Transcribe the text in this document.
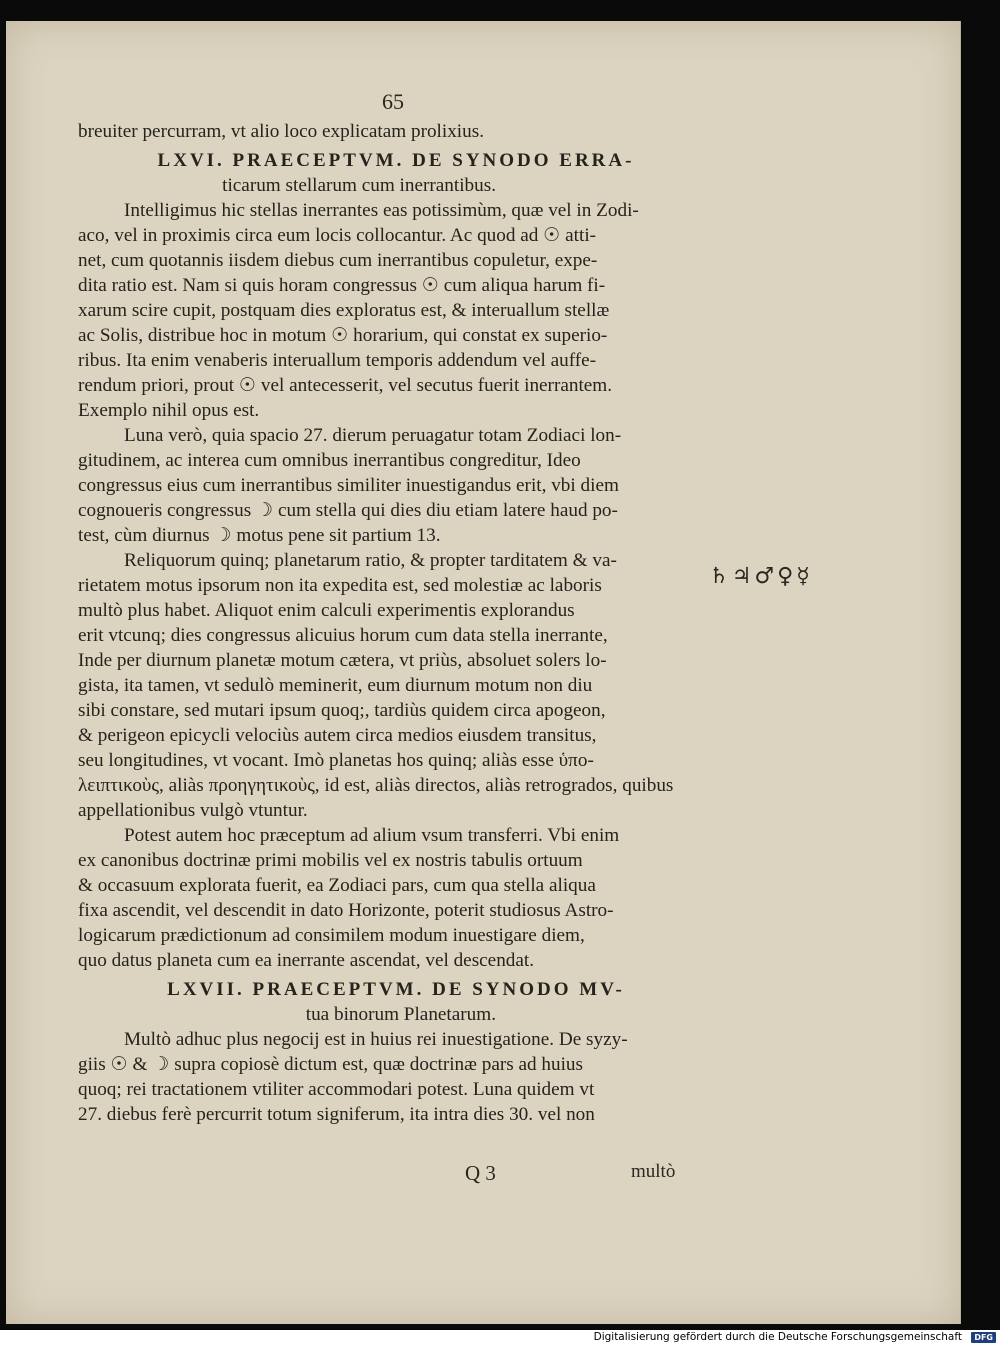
65
breuiter percurram, vt alio loco explicatam prolixius.
LXVI. PRAECEPTVM. DE SYNODO ERRA-
ticarum stellarum cum inerrantibus.
Intelligimus hic stellas inerrantes eas potissimùm, quæ vel in Zodi-
aco, vel in proximis circa eum locis collocantur. Ac quod ad ☉ atti-
net, cum quotannis iisdem diebus cum inerrantibus copuletur, expe-
dita ratio est. Nam si quis horam congressus ☉ cum aliqua harum fi-
xarum scire cupit, postquam dies exploratus est, & interuallum stellæ
ac Solis, distribue hoc in motum ☉ horarium, qui constat ex superio-
ribus. Ita enim venaberis interuallum temporis addendum vel auffe-
rendum priori, prout ☉ vel antecesserit, vel secutus fuerit inerrantem.
Exemplo nihil opus est.
Luna verò, quia spacio 27. dierum peruagatur totam Zodiaci lon-
gitudinem, ac interea cum omnibus inerrantibus congreditur, Ideo
congressus eius cum inerrantibus similiter inuestigandus erit, vbi diem
cognoueris congressus ☽ cum stella qui dies diu etiam latere haud po-
test, cùm diurnus ☽ motus pene sit partium 13.
Reliquorum quinq; planetarum ratio, & propter tarditatem & va-
rietatem motus ipsorum non ita expedita est, sed molestiæ ac laboris
multò plus habet. Aliquot enim calculi experimentis explorandus
erit vtcunq; dies congressus alicuius horum cum data stella inerrante,
Inde per diurnum planetæ motum cætera, vt priùs, absoluet solers lo-
gista, ita tamen, vt sedulò meminerit, eum diurnum motum non diu
sibi constare, sed mutari ipsum quoq;, tardiùs quidem circa apogeon,
& perigeon epicycli velociùs autem circa medios eiusdem transitus,
seu longitudines, vt vocant. Imò planetas hos quinq; aliàs esse ὑπο-
λειπτικοὺς, aliàs προηγητικοὺς, id est, aliàs directos, aliàs retrogrados, quibus
appellationibus vulgò vtuntur.
Potest autem hoc præceptum ad alium vsum transferri. Vbi enim
ex canonibus doctrinæ primi mobilis vel ex nostris tabulis ortuum
& occasuum explorata fuerit, ea Zodiaci pars, cum qua stella aliqua
fixa ascendit, vel descendit in dato Horizonte, poterit studiosus Astro-
logicarum prædictionum ad consimilem modum inuestigare diem,
quo datus planeta cum ea inerrante ascendat, vel descendat.
LXVII. PRAECEPTVM. DE SYNODO MV-
tua binorum Planetarum.
Multò adhuc plus negocij est in huius rei inuestigatione. De syzy-
giis ☉ & ☽ supra copiosè dictum est, quæ doctrinæ pars ad huius
quoq; rei tractationem vtiliter accommodari potest. Luna quidem vt
27. diebus ferè percurrit totum signiferum, ita intra dies 30. vel non
♄♃♂♀☿
Q 3	multò
Digitalisierung gefördert durch die Deutsche Forschungsgemeinschaft	DFG
